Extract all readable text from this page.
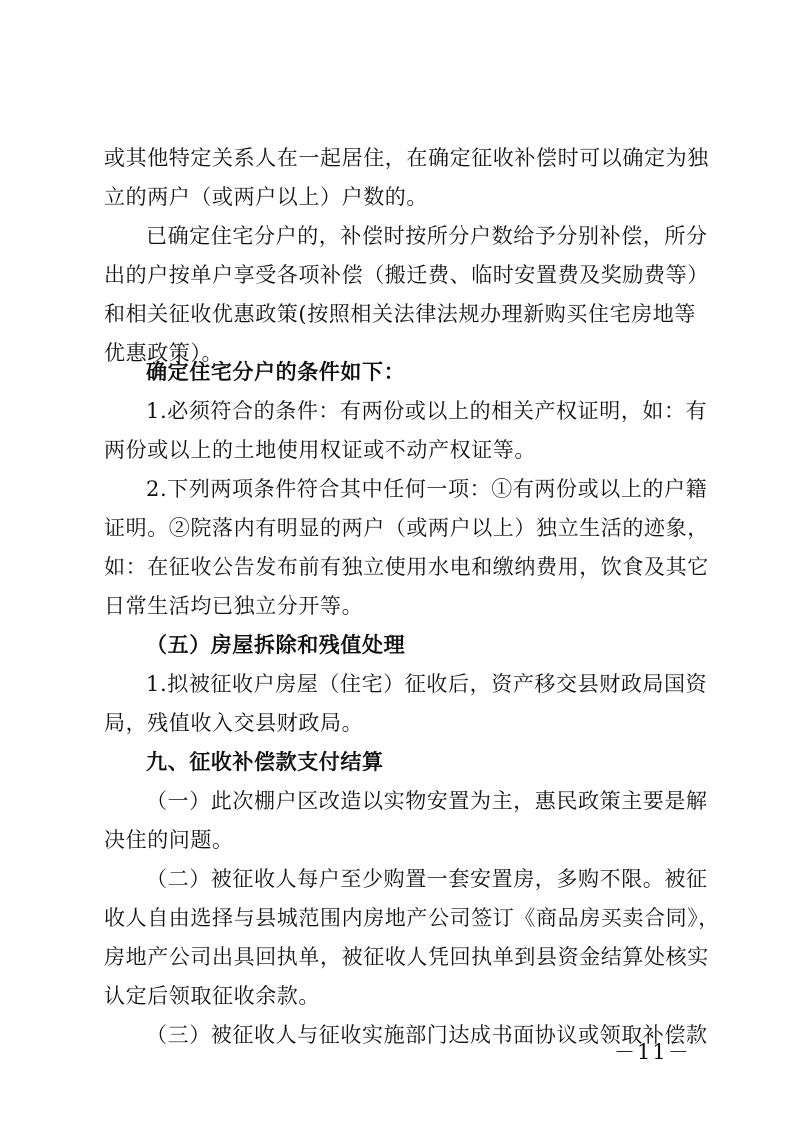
或其他特定关系人在一起居住，在确定征收补偿时可以确定为独
立的两户（或两户以上）户数的。
已确定住宅分户的，补偿时按所分户数给予分别补偿，所分
出的户按单户享受各项补偿（搬迁费、临时安置费及奖励费等）
和相关征收优惠政策(按照相关法律法规办理新购买住宅房地等
优惠政策）。
确定住宅分户的条件如下：
1.必须符合的条件：有两份或以上的相关产权证明，如：有
两份或以上的土地使用权证或不动产权证等。
2.下列两项条件符合其中任何一项：①有两份或以上的户籍
证明。②院落内有明显的两户（或两户以上）独立生活的迹象，
如：在征收公告发布前有独立使用水电和缴纳费用，饮食及其它
日常生活均已独立分开等。
（五）房屋拆除和残值处理
1.拟被征收户房屋（住宅）征收后，资产移交县财政局国资
局，残值收入交县财政局。
九、征收补偿款支付结算
（一）此次棚户区改造以实物安置为主，惠民政策主要是解
决住的问题。
（二）被征收人每户至少购置一套安置房，多购不限。被征
收人自由选择与县城范围内房地产公司签订《商品房买卖合同》，
房地产公司出具回执单，被征收人凭回执单到县资金结算处核实
认定后领取征收余款。
（三）被征收人与征收实施部门达成书面协议或领取补偿款
－11－
